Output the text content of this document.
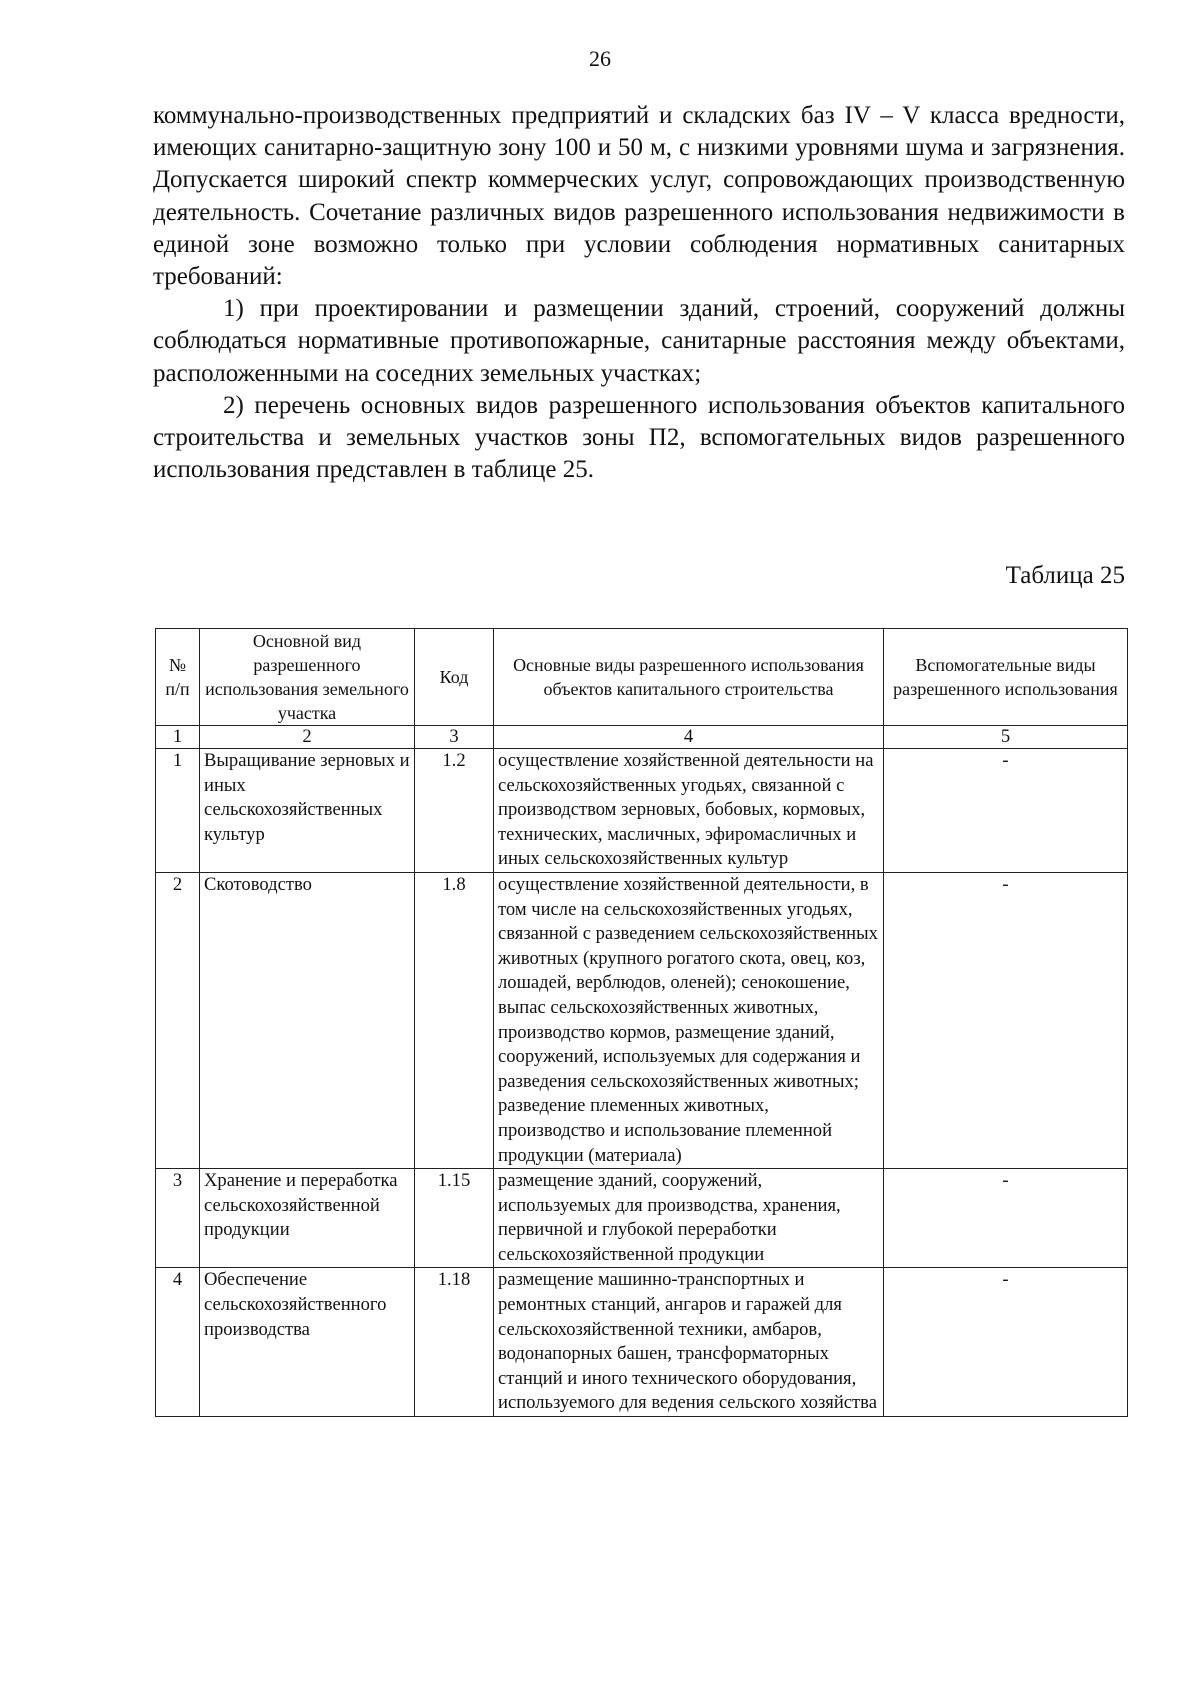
26

коммунально-производственных предприятий и складских баз IV – V класса вредности, имеющих санитарно-защитную зону 100 и 50 м, с низкими уровнями шума и загрязнения. Допускается широкий спектр коммерческих услуг, сопровождающих производственную деятельность. Сочетание различных видов разрешенного использования недвижимости в единой зоне возможно только при условии соблюдения нормативных санитарных требований:

1) при проектировании и размещении зданий, строений, сооружений должны соблюдаться нормативные противопожарные, санитарные расстояния между объектами, расположенными на соседних земельных участках;

2) перечень основных видов разрешенного использования объектов капитального строительства и земельных участков зоны П2, вспомогательных видов разрешенного использования представлен в таблице 25.

Таблица 25
№ п/п	Основной вид разрешенного использования земельного участка	Код	Основные виды разрешенного использования объектов капитального строительства	Вспомогательные виды разрешенного использования
1	2	3	4	5
1	Выращивание зерновых и иных сельскохозяйственных культур	1.2	осуществление хозяйственной деятельности на сельскохозяйственных угодьях, связанной с производством зерновых, бобовых, кормовых, технических, масличных, эфиромасличных и иных сельскохозяйственных культур	-
2	Скотоводство	1.8	осуществление хозяйственной деятельности, в том числе на сельскохозяйственных угодьях, связанной с разведением сельскохозяйственных животных (крупного рогатого скота, овец, коз, лошадей, верблюдов, оленей); сенокошение, выпас сельскохозяйственных животных, производство кормов, размещение зданий, сооружений, используемых для содержания и разведения сельскохозяйственных животных; разведение племенных животных, производство и использование племенной продукции (материала)	-
3	Хранение и переработка сельскохозяйственной продукции	1.15	размещение зданий, сооружений, используемых для производства, хранения, первичной и глубокой переработки сельскохозяйственной продукции	-
4	Обеспечение сельскохозяйственного производства	1.18	размещение машинно-транспортных и ремонтных станций, ангаров и гаражей для сельскохозяйственной техники, амбаров, водонапорных башен, трансформаторных станций и иного технического оборудования, используемого для ведения сельского хозяйства	-
